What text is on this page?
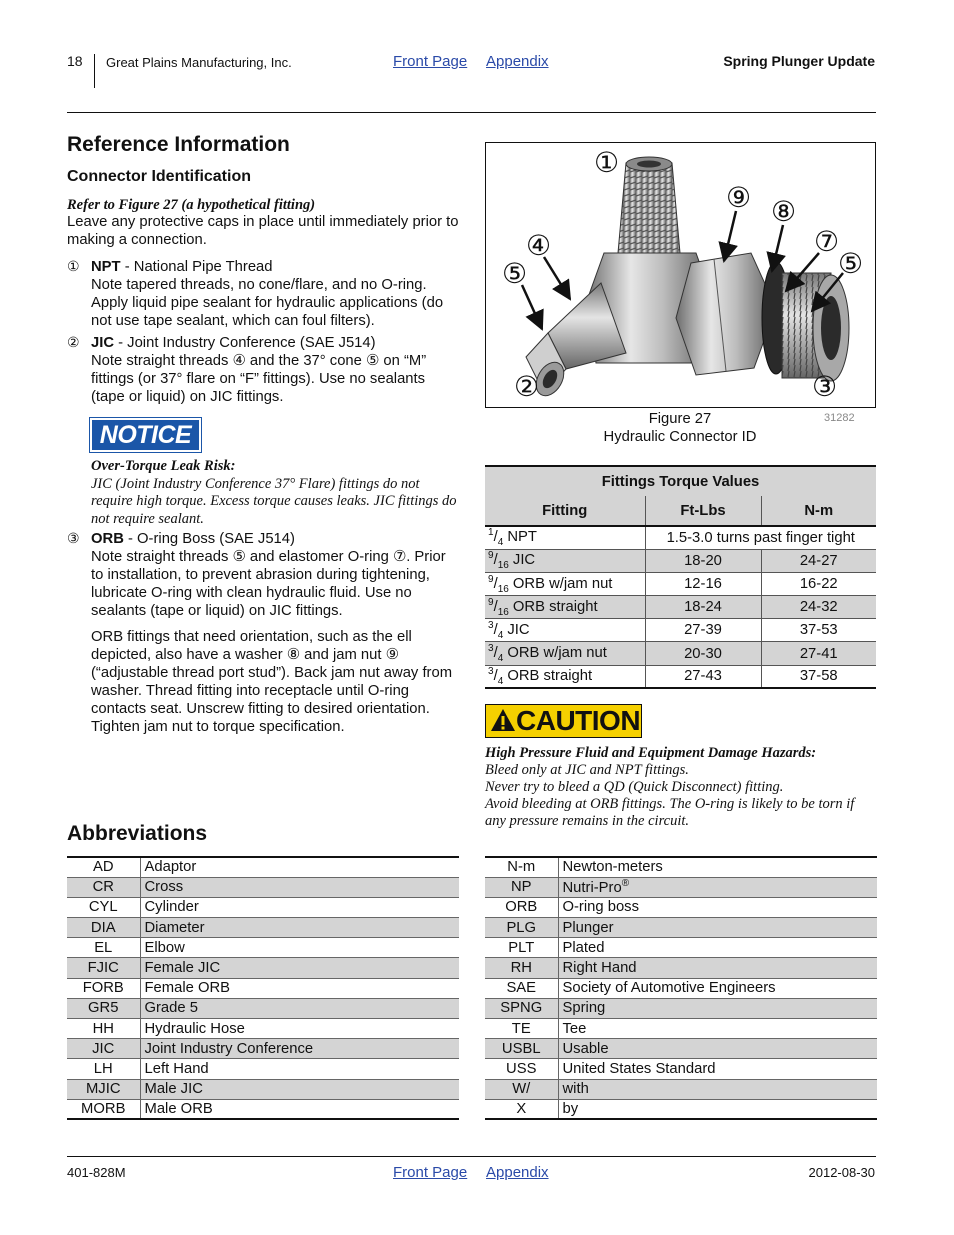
18 Great Plains Manufacturing, Inc.	Front Page Appendix	Spring Plunger Update
Reference Information
Connector Identification
Refer to Figure 27 (a hypothetical fitting)
Leave any protective caps in place until immediately prior to making a connection.
① NPT - National Pipe Thread
Note tapered threads, no cone/flare, and no O-ring. Apply liquid pipe sealant for hydraulic applications (do not use tape sealant, which can foul filters).
② JIC - Joint Industry Conference (SAE J514)
Note straight threads ④ and the 37° cone ⑤ on “M” fittings (or 37° flare on “F” fittings). Use no sealants (tape or liquid) on JIC fittings.
NOTICE
Over-Torque Leak Risk:
JIC (Joint Industry Conference 37° Flare) fittings do not require high torque. Excess torque causes leaks. JIC fittings do not require sealant.
③ ORB - O-ring Boss (SAE J514)
Note straight threads ⑤ and elastomer O-ring ⑦. Prior to installation, to prevent abrasion during tightening, lubricate O-ring with clean hydraulic fluid. Use no sealants (tape or liquid) on JIC fittings.
ORB fittings that need orientation, such as the ell depicted, also have a washer ⑧ and jam nut ⑨ (“adjustable thread port stud”). Back jam nut away from washer. Thread fitting into receptacle until O-ring contacts seat. Unscrew fitting to desired orientation. Tighten jam nut to torque specification.
①
⑨ ⑧
④	⑦
⑤	⑤
②	③
Figure 27
Hydraulic Connector ID
31282
Fittings Torque Values		
Fitting	Ft-Lbs	N-m
$^1/_4$ NPT	1.5-3.0 turns past finger tight	
$^9/_{16}$ JIC	18-20	24-27
$^9/_{16}$ ORB w/jam nut	12-16	16-22
$^9/_{16}$ ORB straight	18-24	24-32
$^3/_4$ JIC	27-39	37-53
$^3/_4$ ORB w/jam nut	20-30	27-41
$^3/_4$ ORB straight	27-43	37-58
CAUTION
High Pressure Fluid and Equipment Damage Hazards:
Bleed only at JIC and NPT fittings.
Never try to bleed a QD (Quick Disconnect) fitting.
Avoid bleeding at ORB fittings. The O-ring is likely to be torn if any pressure remains in the circuit.
Abbreviations
AD	Adaptor
CR	Cross
CYL	Cylinder
DIA	Diameter
EL	Elbow
FJIC	Female JIC
FORB	Female ORB
GR5	Grade 5
HH	Hydraulic Hose
JIC	Joint Industry Conference
LH	Left Hand
MJIC	Male JIC
MORB	Male ORB
N-m	Newton-meters
NP	Nutri-Pro®
ORB	O-ring boss
PLG	Plunger
PLT	Plated
RH	Right Hand
SAE	Society of Automotive Engineers
SPNG	Spring
TE	Tee
USBL	Usable
USS	United States Standard
W/	with
X	by
401-828M	Front Page Appendix	2012-08-30
